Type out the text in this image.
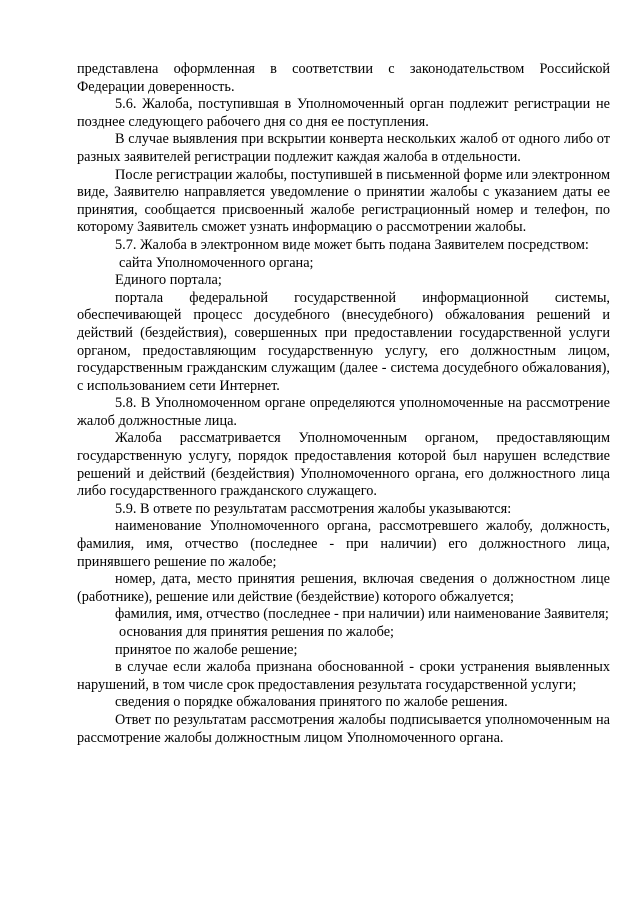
представлена оформленная в соответствии с законодательством Российской Федерации доверенность.

5.6. Жалоба, поступившая в Уполномоченный орган подлежит регистрации не позднее следующего рабочего дня со дня ее поступления.

В случае выявления при вскрытии конверта нескольких жалоб от одного либо от разных заявителей регистрации подлежит каждая жалоба в отдельности.

После регистрации жалобы, поступившей в письменной форме или электронном виде, Заявителю направляется уведомление о принятии жалобы с указанием даты ее принятия, сообщается присвоенный жалобе регистрационный номер и телефон, по которому Заявитель сможет узнать информацию о рассмотрении жалобы.

5.7. Жалоба в электронном виде может быть подана Заявителем посредством:

сайта Уполномоченного органа;

Единого портала;

портала федеральной государственной информационной системы, обеспечивающей процесс досудебного (внесудебного) обжалования решений и действий (бездействия), совершенных при предоставлении государственной услуги органом, предоставляющим государственную услугу, его должностным лицом, государственным гражданским служащим (далее - система досудебного обжалования), с использованием сети Интернет.

5.8. В Уполномоченном органе определяются уполномоченные на рассмотрение жалоб должностные лица.

Жалоба рассматривается Уполномоченным органом, предоставляющим государственную услугу, порядок предоставления которой был нарушен вследствие решений и действий (бездействия) Уполномоченного органа, его должностного лица либо государственного гражданского служащего.

5.9. В ответе по результатам рассмотрения жалобы указываются:

наименование Уполномоченного органа, рассмотревшего жалобу, должность, фамилия, имя, отчество (последнее - при наличии) его должностного лица, принявшего решение по жалобе;

номер, дата, место принятия решения, включая сведения о должностном лице (работнике), решение или действие (бездействие) которого обжалуется;

фамилия, имя, отчество (последнее - при наличии) или наименование Заявителя;

основания для принятия решения по жалобе;

принятое по жалобе решение;

в случае если жалоба признана обоснованной - сроки устранения выявленных нарушений, в том числе срок предоставления результата государственной услуги;

сведения о порядке обжалования принятого по жалобе решения.

Ответ по результатам рассмотрения жалобы подписывается уполномоченным на рассмотрение жалобы должностным лицом Уполномоченного органа.
